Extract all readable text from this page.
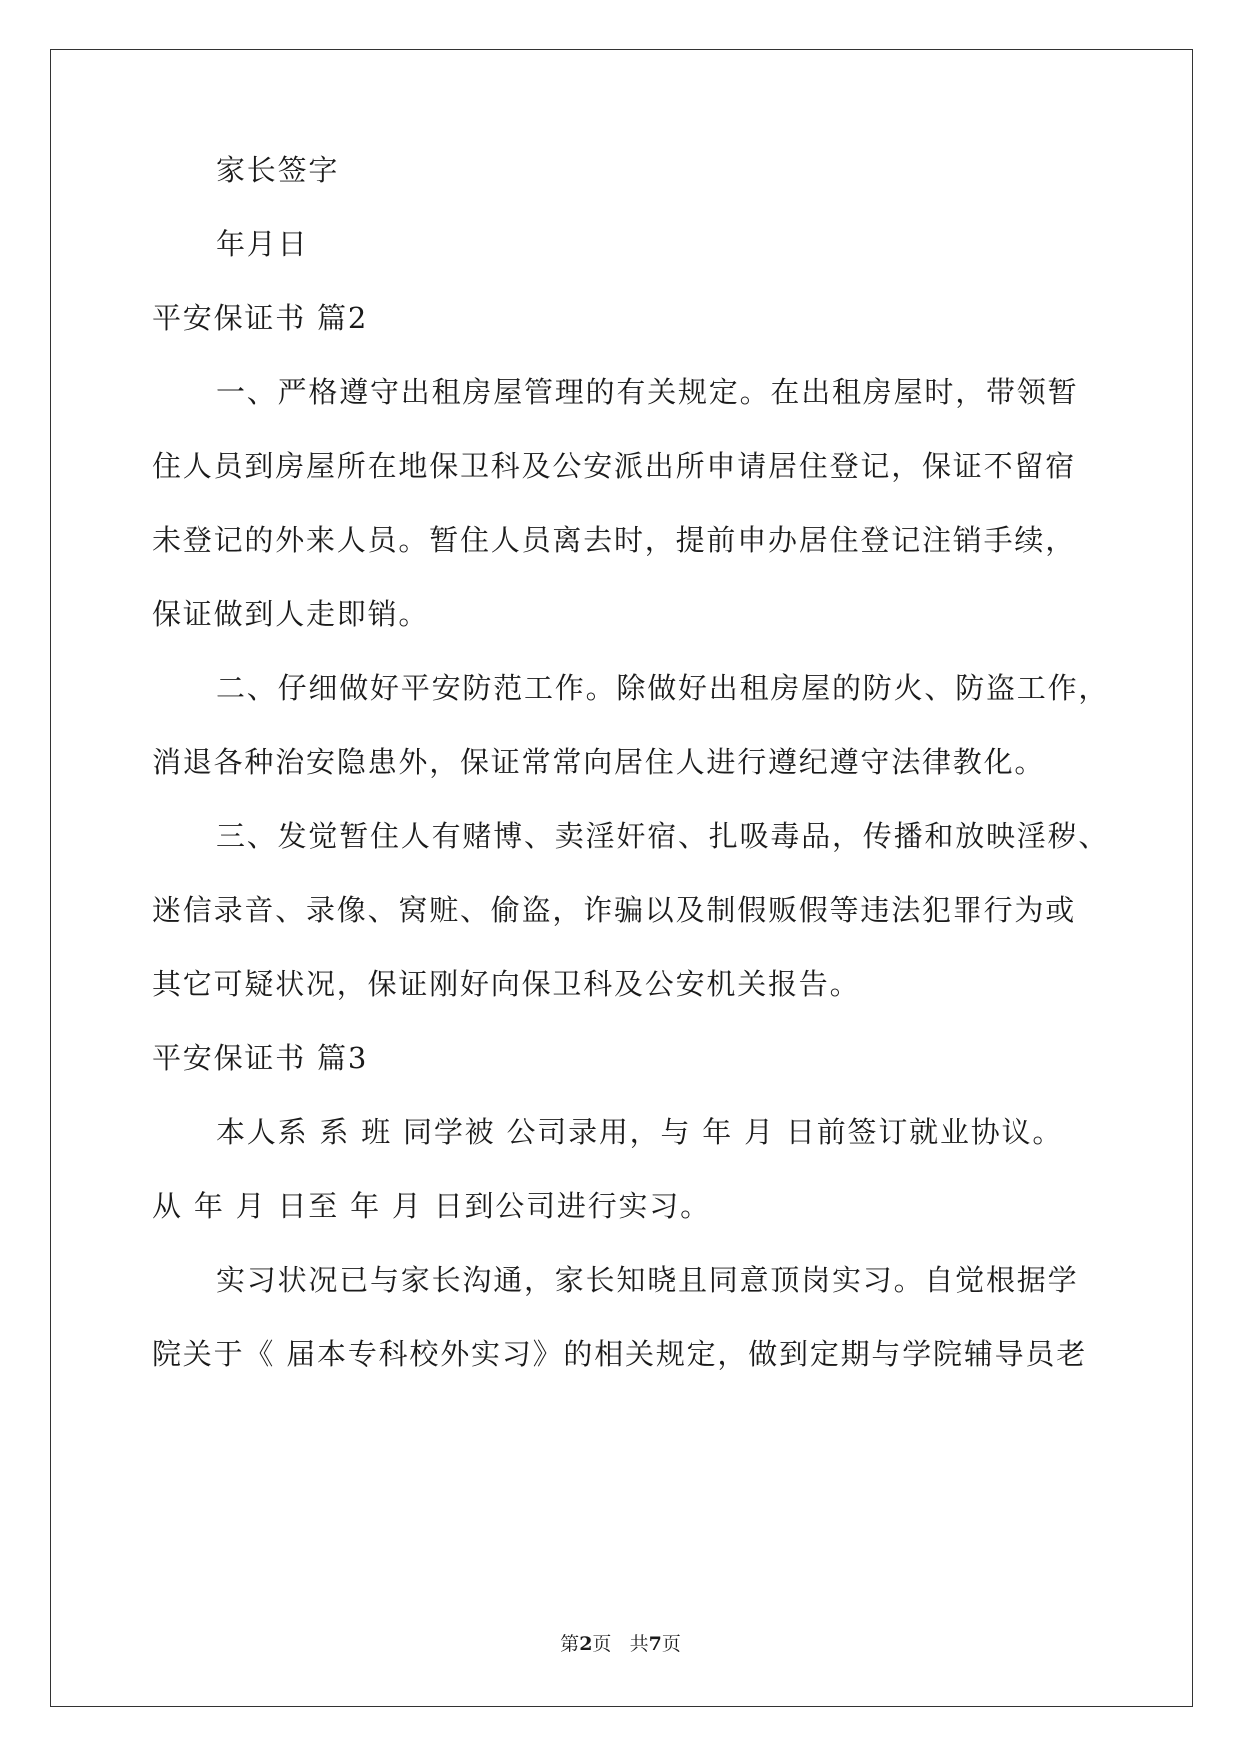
家长签字
年月日
平安保证书 篇2
一、严格遵守出租房屋管理的有关规定。在出租房屋时，带领暂
住人员到房屋所在地保卫科及公安派出所申请居住登记，保证不留宿
未登记的外来人员。暂住人员离去时，提前申办居住登记注销手续，
保证做到人走即销。
二、仔细做好平安防范工作。除做好出租房屋的防火、防盗工作，
消退各种治安隐患外，保证常常向居住人进行遵纪遵守法律教化。
三、发觉暂住人有赌博、卖淫奸宿、扎吸毒品，传播和放映淫秽、
迷信录音、录像、窝赃、偷盗，诈骗以及制假贩假等违法犯罪行为或
其它可疑状况，保证刚好向保卫科及公安机关报告。
平安保证书 篇3
本人系 系 班 同学被 公司录用，与 年 月 日前签订就业协议。
从 年 月 日至 年 月 日到公司进行实习。
实习状况已与家长沟通，家长知晓且同意顶岗实习。自觉根据学
院关于《 届本专科校外实习》的相关规定，做到定期与学院辅导员老
第2页 共7页
